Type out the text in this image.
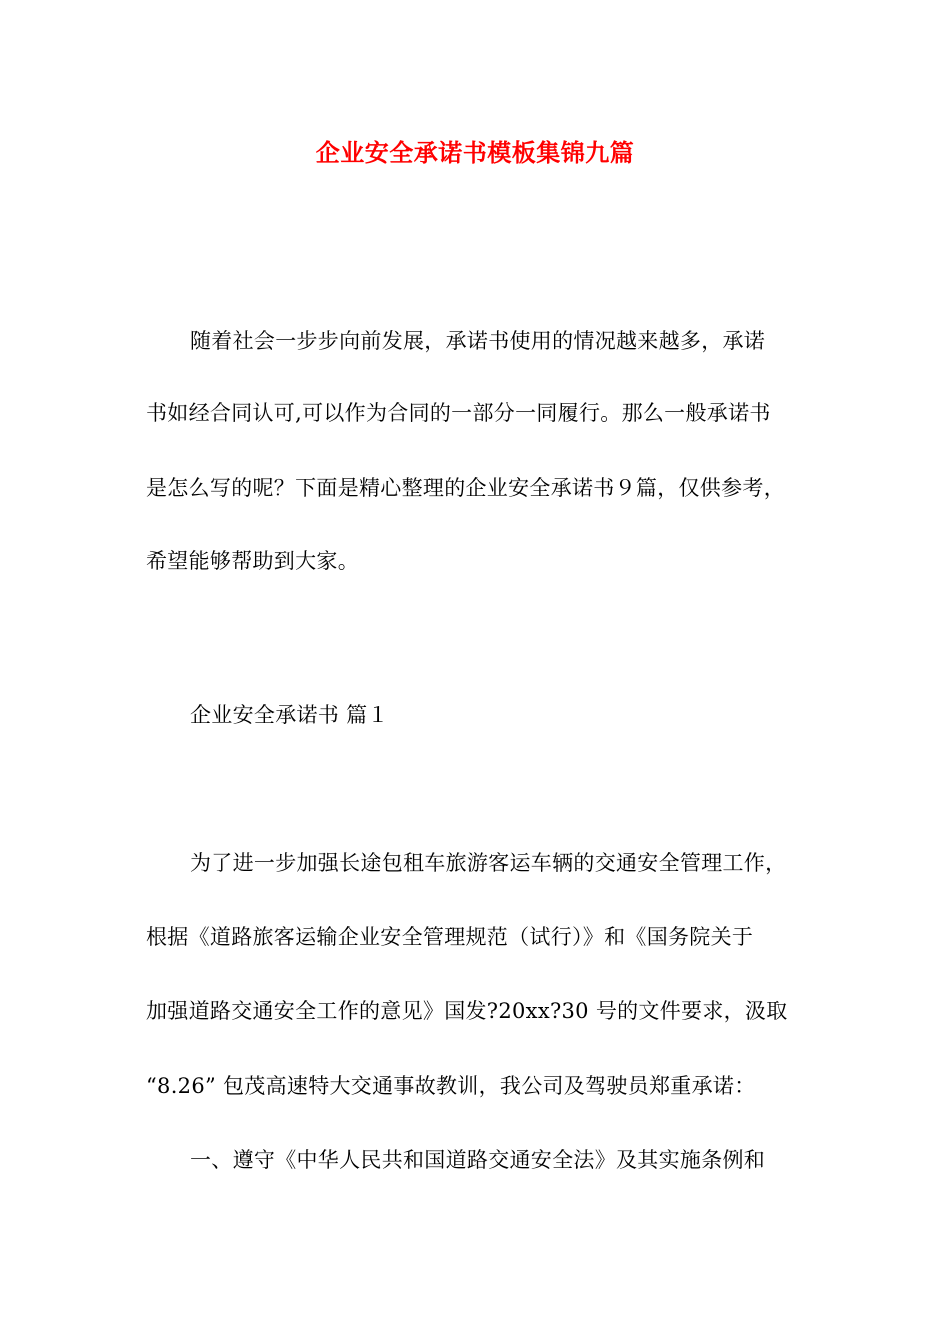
企业安全承诺书模板集锦九篇
随着社会一步步向前发展，承诺书使用的情况越来越多，承诺
书如经合同认可,可以作为合同的一部分一同履行。那么一般承诺书
是怎么写的呢？下面是精心整理的企业安全承诺书９篇，仅供参考，
希望能够帮助到大家。
企业安全承诺书 篇１
为了进一步加强长途包租车旅游客运车辆的交通安全管理工作，
根据《道路旅客运输企业安全管理规范（试行）》和《国务院关于
加强道路交通安全工作的意见》国发?20xx?30 号的文件要求，汲取
“8.26” 包茂高速特大交通事故教训，我公司及驾驶员郑重承诺：
一、遵守《中华人民共和国道路交通安全法》及其实施条例和
